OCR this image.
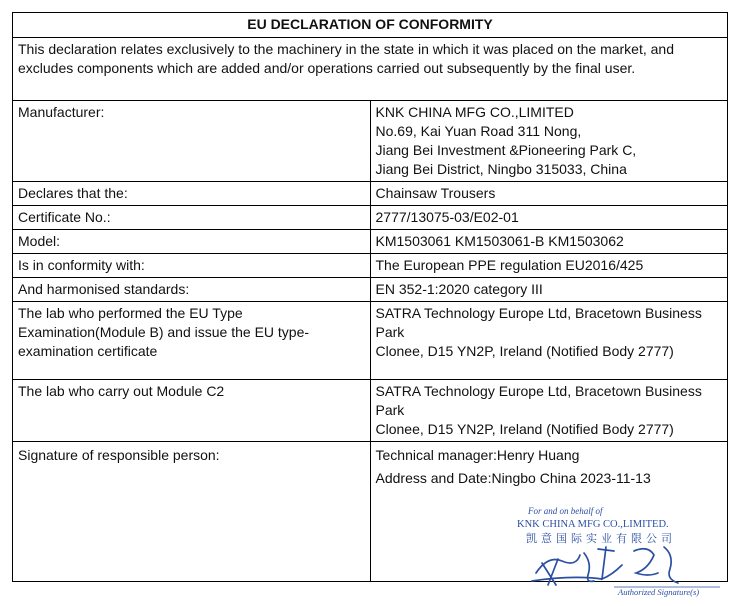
EU DECLARATION OF CONFORMITY	
This declaration relates exclusively to the machinery in the state in which it was placed on the market, and excludes components which are added and/or operations carried out subsequently by the final user.	
Manufacturer:	KNK CHINA MFG CO.,LIMITED

No.69, Kai Yuan Road 311 Nong,

Jiang Bei Investment &Pioneering Park C,

Jiang Bei District, Ningbo 315033, China

Declares that the:	Chainsaw Trousers
Certificate No.:	2777/13075-03/E02-01
Model:	KM1503061 KM1503061-B KM1503062
Is in conformity with:	The European PPE regulation EU2016/425
And harmonised standards:	EN 352-1:2020 category III
The lab who performed the EU Type Examination(Module B) and issue the EU type-examination certificate	SATRA Technology Europe Ltd, Bracetown Business Park

Clonee, D15 YN2P, Ireland (Notified Body 2777)

The lab who carry out Module C2	SATRA Technology Europe Ltd, Bracetown Business Park

Clonee, D15 YN2P, Ireland (Notified Body 2777)

Signature of responsible person:	Technical manager:Henry Huang

Address and Date:Ningbo China 2023-11-13

For and on behalf of
KNK CHINA MFG CO.,LIMITED.
凯意国际实业有限公司
Authorized Signature(s)
